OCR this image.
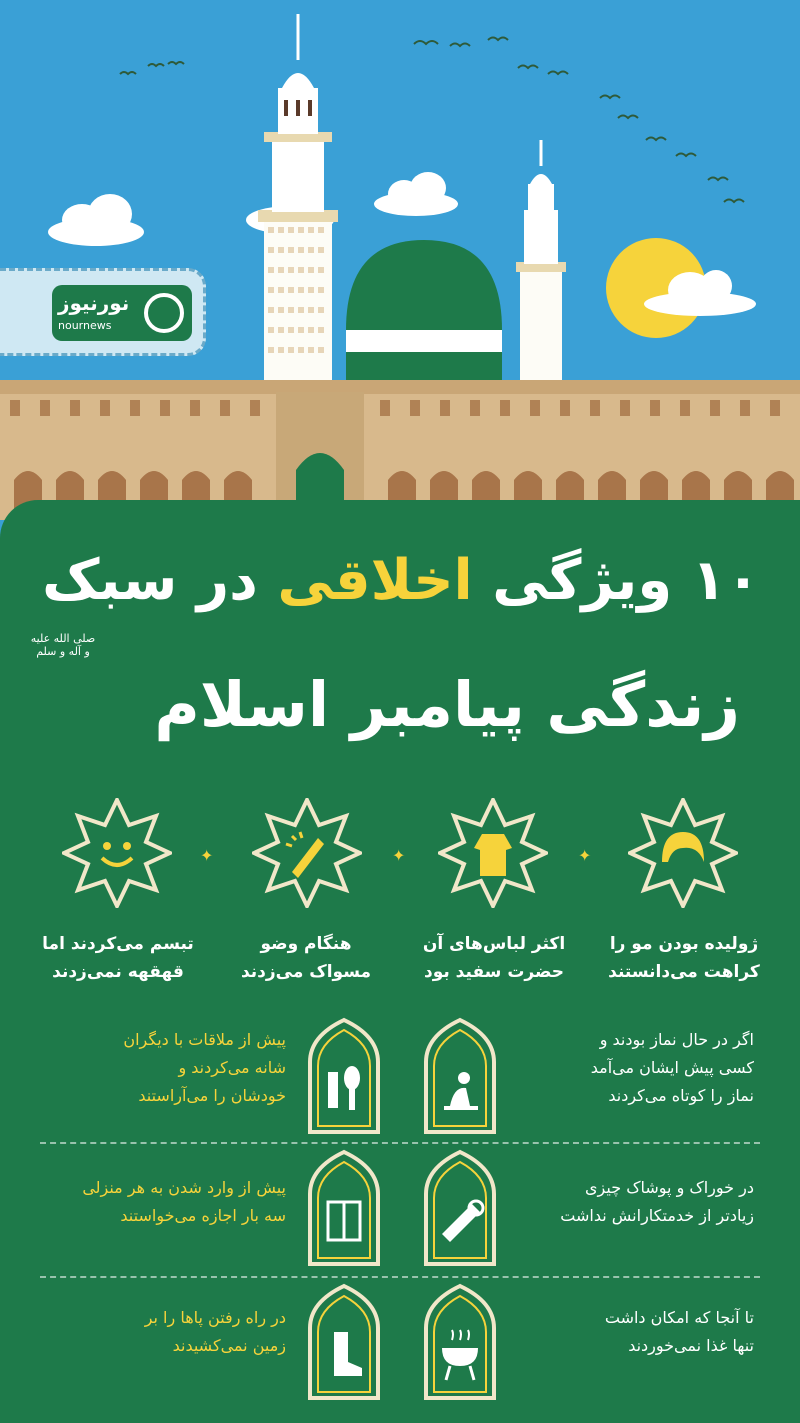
نورنیوز
nournews
۱۰ ویژگی اخلاقی در سبک
صلی الله علیه و آله و سلم
زندگی پیامبر اسلام
✦
✦
✦
ژولیده بودن مو را
کراهت می‌دانستند
اکثر لباس‌های آن
حضرت سفید بود
هنگام وضو
مسواک می‌زدند
تبسم می‌کردند اما
قهقهه نمی‌زدند
اگر در حال نماز بودند و
کسی پیش ایشان می‌آمد
نماز را کوتاه می‌کردند
پیش از ملاقات با دیگران
شانه می‌کردند و
خودشان را می‌آراستند
در خوراک و پوشاک چیزی
زیادتر از خدمتکارانش نداشت
پیش از وارد شدن به هر منزلی
سه بار اجازه می‌خواستند
تا آنجا که امکان داشت
تنها غذا نمی‌خوردند
در راه رفتن پاها را بر
زمین نمی‌کشیدند
